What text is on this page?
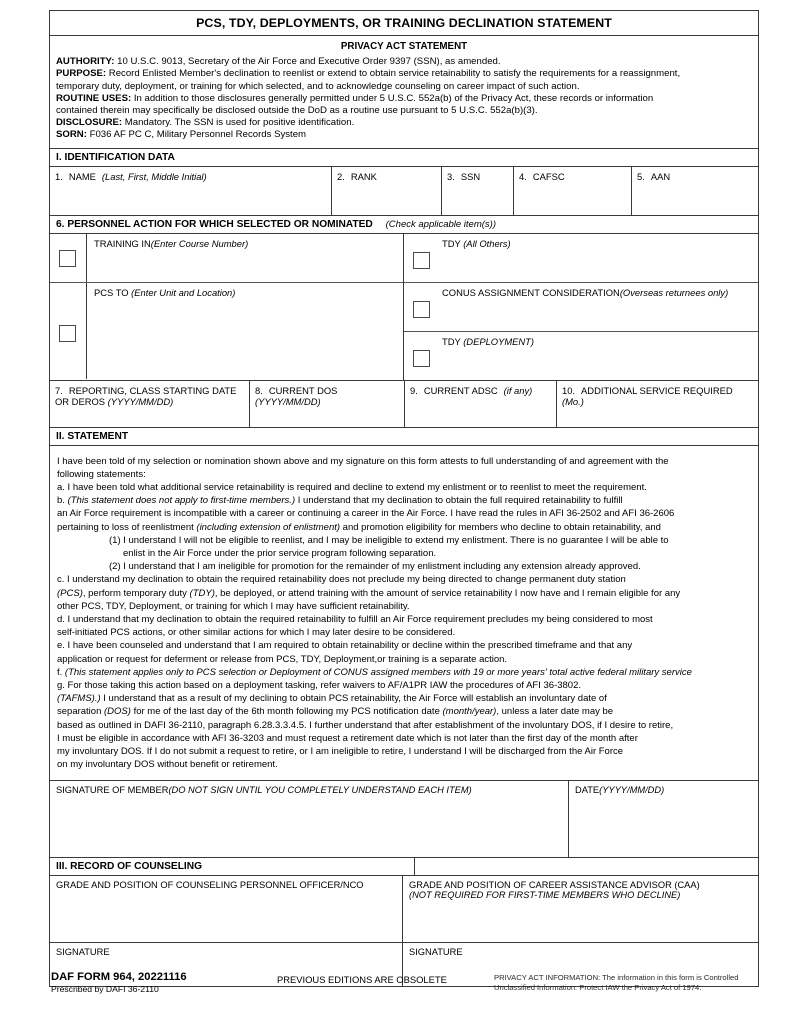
PCS, TDY, DEPLOYMENTS, OR TRAINING DECLINATION STATEMENT
PRIVACY ACT STATEMENT

AUTHORITY: 10 U.S.C. 9013, Secretary of the Air Force and Executive Order 9397 (SSN), as amended.

PURPOSE: Record Enlisted Member's declination to reenlist or extend to obtain service retainability to satisfy the requirements for a reassignment,

temporary duty, deployment, or training for which selected, and to acknowledge counseling on career impact of such action.

ROUTINE USES: In addition to those disclosures generally permitted under 5 U.S.C. 552a(b) of the Privacy Act, these records or information

contained therein may specifically be disclosed outside the DoD as a routine use pursuant to 5 U.S.C. 552a(b)(3).

DISCLOSURE: Mandatory. The SSN is used for positive identification.

SORN: F036 AF PC C, Military Personnel Records System

I. IDENTIFICATION DATA
1. NAME (Last, First, Middle Initial)	2. RANK	3. SSN	4. CAFSC	5. AAN
6. PERSONNEL ACTION FOR WHICH SELECTED OR NOMINATED (Check applicable item(s))
TRAINING IN(Enter Course Number)
PCS TO (Enter Unit and Location)
TDY (All Others)
CONUS ASSIGNMENT CONSIDERATION(Overseas returnees only)
TDY (DEPLOYMENT)
7. REPORTING, CLASS STARTING DATE
OR DEROS (YYYY/MM/DD)
8. CURRENT DOS(YYYY/MM/DD)
9. CURRENT ADSC (if any)	10. ADDITIONAL SERVICE REQUIRED(Mo.)
II. STATEMENT
I have been told of my selection or nomination shown above and my signature on this form attests to full understanding of and agreement with the
following statements:
a. I have been told what additional service retainability is required and decline to extend my enlistment or to reenlist to meet the requirement.
b. (This statement does not apply to first-time members.) I understand that my declination to obtain the full required retainability to fulfill
an Air Force requirement is incompatible with a career or continuing a career in the Air Force. I have read the rules in AFI 36-2502 and AFI 36-2606
pertaining to loss of reenlistment (including extension of enlistment) and promotion eligibility for members who decline to obtain retainability, and
(1) I understand I will not be eligible to reenlist, and I may be ineligible to extend my enlistment. There is no guarantee I will be able to
enlist in the Air Force under the prior service program following separation.
(2) I understand that I am ineligible for promotion for the remainder of my enlistment including any extension already approved.
c. I understand my declination to obtain the required retainability does not preclude my being directed to change permanent duty station
(PCS), perform temporary duty (TDY), be deployed, or attend training with the amount of service retainability I now have and I remain eligible for any
other PCS, TDY, Deployment, or training for which I may have sufficient retainability.
d. I understand that my declination to obtain the required retainability to fulfill an Air Force requirement precludes my being considered to most
self-initiated PCS actions, or other similar actions for which I may later desire to be considered.
e. I have been counseled and understand that I am required to obtain retainability or decline within the prescribed timeframe and that any
application or request for deferment or release from PCS, TDY, Deployment,or training is a separate action.
f. (This statement applies only to PCS selection or Deployment of CONUS assigned members with 19 or more years' total active federal military service
g. For those taking this action based on a deployment tasking, refer waivers to AF/A1PR IAW the procedures of AFI 36-3802.
(TAFMS).) I understand that as a result of my declining to obtain PCS retainability, the Air Force will establish an involuntary date of
separation (DOS) for me of the last day of the 6th month following my PCS notification date (month/year), unless a later date may be
based as outlined in DAFI 36-2110, paragraph 6.28.3.3.4.5. I further understand that after establishment of the involuntary DOS, if I desire to retire,
I must be eligible in accordance with AFI 36-3203 and must request a retirement date which is not later than the first day of the month after
my involuntary DOS. If I do not submit a request to retire, or I am ineligible to retire, I understand I will be discharged from the Air Force
on my involuntary DOS without benefit or retirement.
SIGNATURE OF MEMBER(DO NOT SIGN UNTIL YOU COMPLETELY UNDERSTAND EACH ITEM)	DATE(YYYY/MM/DD)
III. RECORD OF COUNSELING

GRADE AND POSITION OF COUNSELING PERSONNEL OFFICER/NCO	GRADE AND POSITION OF CAREER ASSISTANCE ADVISOR (CAA)
(NOT REQUIRED FOR FIRST-TIME MEMBERS WHO DECLINE)
SIGNATURE	SIGNATURE
DAF FORM 964, 20221116
Prescribed by DAFI 36-2110
PREVIOUS EDITIONS ARE OBSOLETE	PRIVACY ACT INFORMATION: The information in this form is Controlled
Unclassified Information. Protect IAW the Privacy Act of 1974.
